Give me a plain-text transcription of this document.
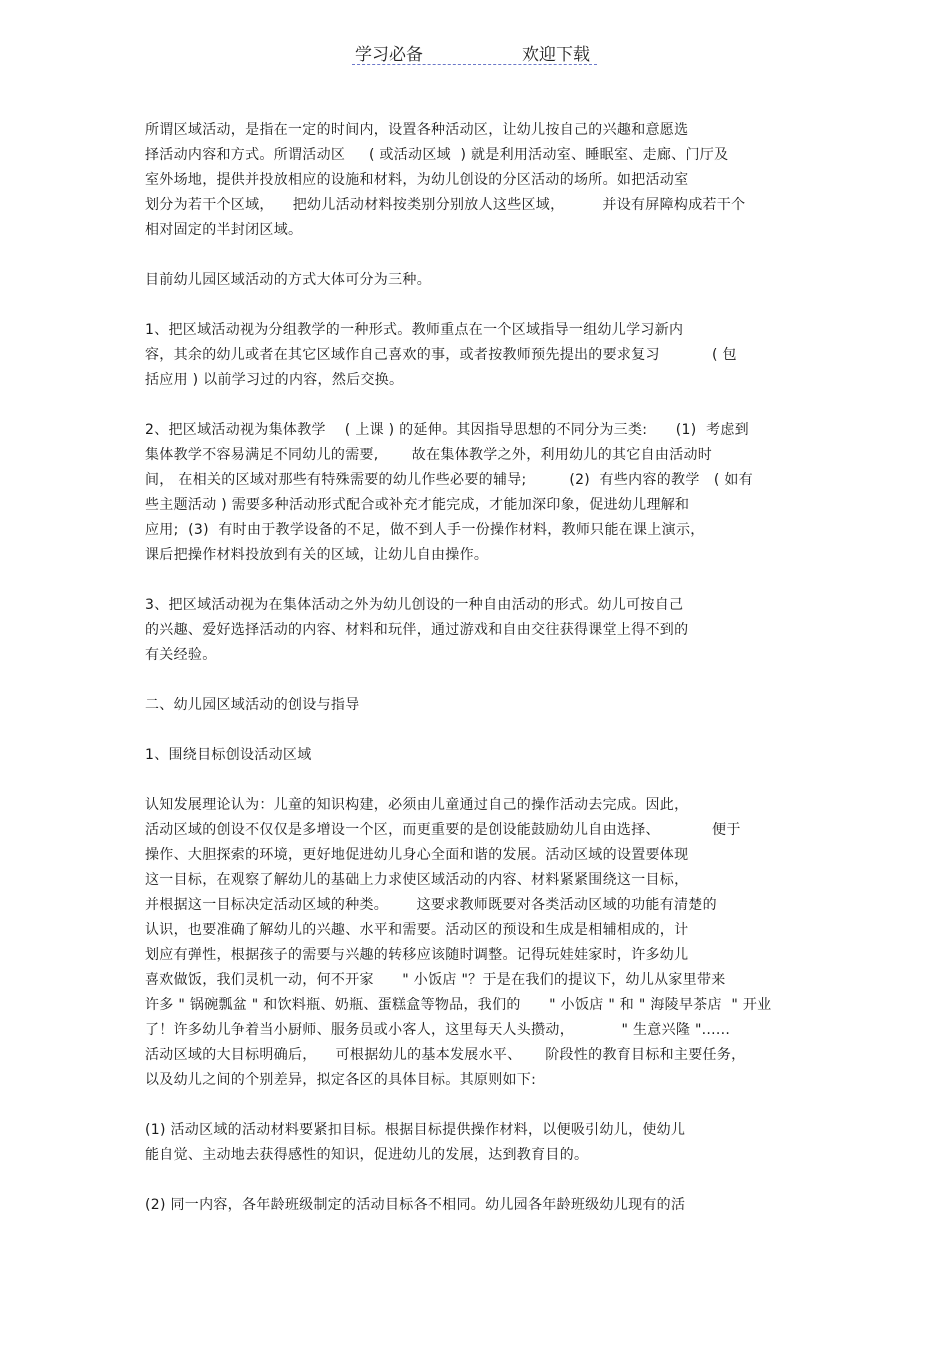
学习必备	欢迎下载

所谓区域活动，是指在一定的时间内，设置各种活动区，让幼儿按自己的兴趣和意愿选

择活动内容和方式。所谓活动区     ( 或活动区域  ) 就是利用活动室、睡眠室、走廊、门厅及

室外场地，提供并投放相应的设施和材料，为幼儿创设的分区活动的场所。如把活动室

划分为若干个区域，    把幼儿活动材料按类别分别放人这些区域，        并设有屏障构成若干个

相对固定的半封闭区域。

目前幼儿园区域活动的方式大体可分为三种。

1、把区域活动视为分组教学的一种形式。教师重点在一个区域指导一组幼儿学习新内

容，其余的幼儿或者在其它区域作自己喜欢的事，或者按教师预先提出的要求复习           ( 包

括应用 ) 以前学习过的内容，然后交换。

2、把区域活动视为集体教学    ( 上课 ) 的延伸。其因指导思想的不同分为三类:      (1)  考虑到

集体教学不容易满足不同幼儿的需要,       故在集体教学之外，利用幼儿的其它自由活动时

间， 在相关的区域对那些有特殊需要的幼儿作些必要的辅导;         (2)  有些内容的教学   ( 如有

些主题活动 ) 需要多种活动形式配合或补充才能完成，才能加深印象，促进幼儿理解和

应用;  (3)  有时由于教学设备的不足，做不到人手一份操作材料，教师只能在课上演示，

课后把操作材料投放到有关的区域，让幼儿自由操作。

3、把区域活动视为在集体活动之外为幼儿创设的一种自由活动的形式。幼儿可按自己

的兴趣、爱好选择活动的内容、材料和玩伴，通过游戏和自由交往获得课堂上得不到的

有关经验。

二、幼儿园区域活动的创设与指导

1、围绕目标创设活动区域

认知发展理论认为：儿童的知识构建，必须由儿童通过自己的操作活动去完成。因此，

活动区域的创设不仅仅是多增设一个区，而更重要的是创设能鼓励幼儿自由选择、           便于

操作、大胆探索的环境，更好地促进幼儿身心全面和谐的发展。活动区域的设置要体现

这一目标，在观察了解幼儿的基础上力求使区域活动的内容、材料紧紧围绕这一目标，

并根据这一目标决定活动区域的种类。      这要求教师既要对各类活动区域的功能有清楚的

认识，也要准确了解幼儿的兴趣、水平和需要。活动区的预设和生成是相辅相成的，计

划应有弹性，根据孩子的需要与兴趣的转移应该随时调整。记得玩娃娃家时，许多幼儿

喜欢做饭，我们灵机一动，何不开家      " 小饭店 "？于是在我们的提议下，幼儿从家里带来

许多 " 锅碗瓢盆 " 和饮料瓶、奶瓶、蛋糕盒等物品，我们的      " 小饭店 " 和 " 海陵早茶店  " 开业

了！许多幼儿争着当小厨师、服务员或小客人，这里每天人头攒动，          " 生意兴隆 "......

活动区域的大目标明确后，    可根据幼儿的基本发展水平、     阶段性的教育目标和主要任务，

以及幼儿之间的个别差异，拟定各区的具体目标。其原则如下:

(1) 活动区域的活动材料要紧扣目标。根据目标提供操作材料，以便吸引幼儿，使幼儿

能自觉、主动地去获得感性的知识，促进幼儿的发展，达到教育目的。

(2) 同一内容，各年龄班级制定的活动目标各不相同。幼儿园各年龄班级幼儿现有的活
